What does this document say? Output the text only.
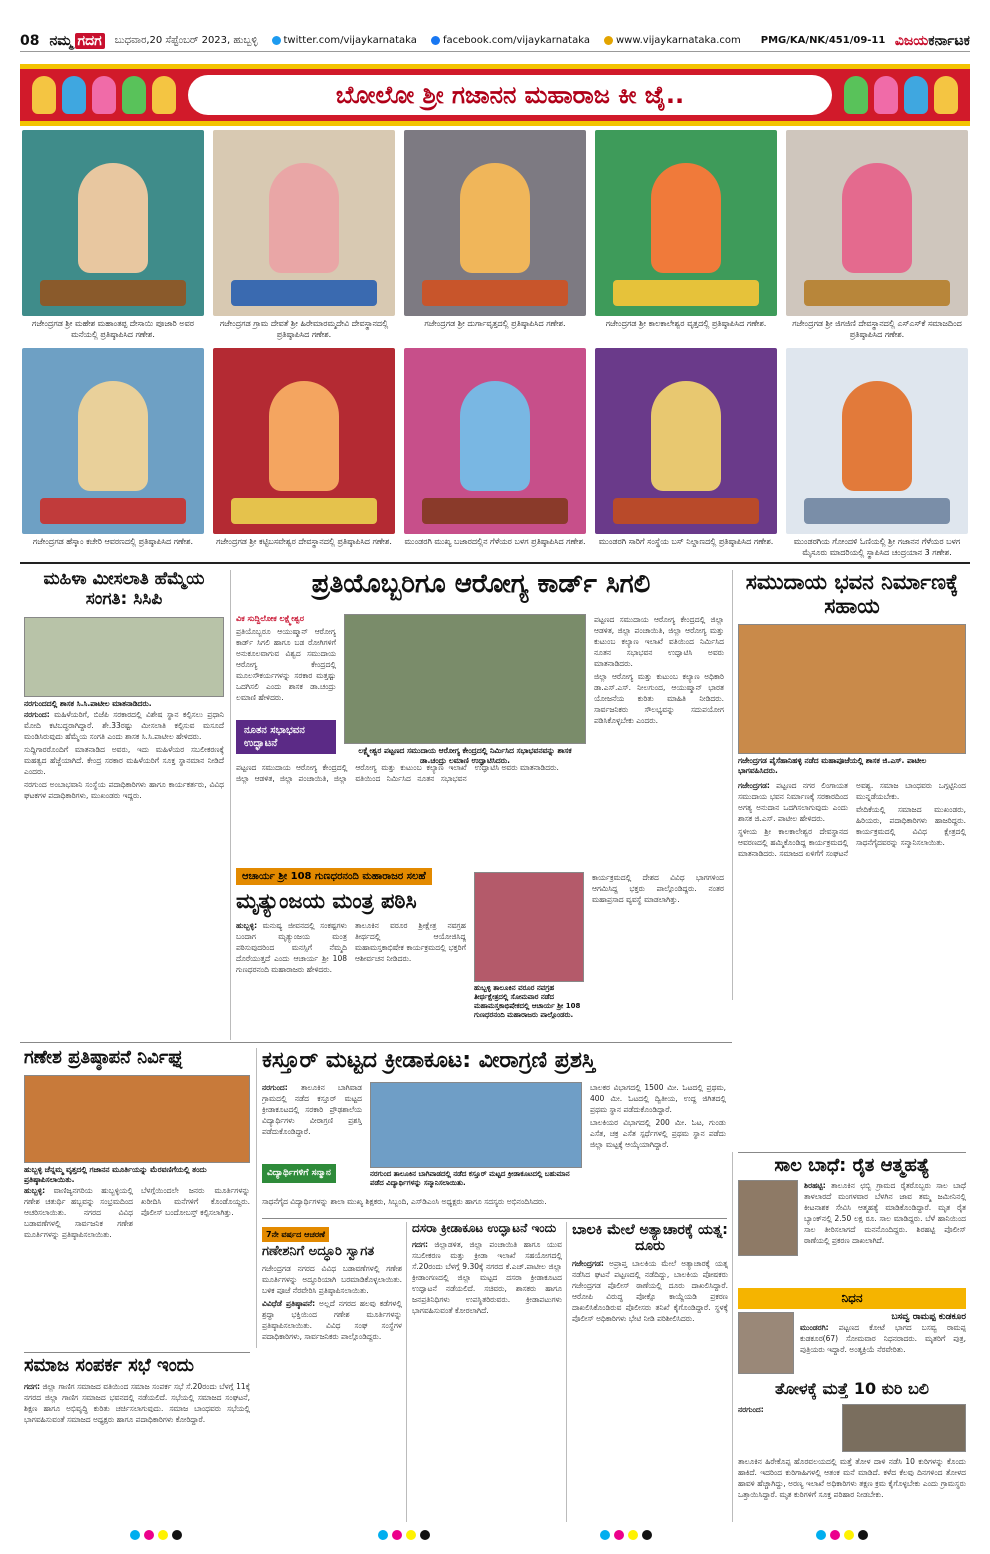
08 ನಮ್ಮ ಗದಗ	ಬುಧವಾರ,20 ಸೆಪ್ಟೆಂಬರ್ 2023, ಹುಬ್ಬಳ್ಳಿ	twitter.com/vijaykarnataka	facebook.com/vijaykarnataka	www.vijaykarnataka.com PMG/KA/NK/451/09-11 ವಿಜಯಕರ್ನಾಟಕ
ಬೋಲೋ ಶ್ರೀ ಗಜಾನನ ಮಹಾರಾಜ ಕೀ ಜೈ..
ಗಜೇಂದ್ರಗಡ ಶ್ರೀ ಮಹೇಶ ಮಹಾಂತಪ್ಪ ದೇಸಾಯಿ ಪೂಜಾರಿ ಅವರ ಮನೆಯಲ್ಲಿ ಪ್ರತಿಷ್ಠಾಪಿಸಿದ ಗಣೇಶ.
ಗಜೇಂದ್ರಗಡ ಗ್ರಾಮ ದೇವತೆ ಶ್ರೀ ಹಿರೇಮಾರಮ್ಮದೇವಿ ದೇವಸ್ಥಾನದಲ್ಲಿ ಪ್ರತಿಷ್ಠಾಪಿಸಿದ ಗಣೇಶ.
ಗಜೇಂದ್ರಗಡ ಶ್ರೀ ದುರ್ಗಾವೃತ್ತದಲ್ಲಿ ಪ್ರತಿಷ್ಠಾಪಿಸಿದ ಗಣೇಶ.	ಗಜೇಂದ್ರಗಡ ಶ್ರೀ ಕಾಲಕಾಲೇಶ್ವರ ವೃತ್ತದಲ್ಲಿ ಪ್ರತಿಷ್ಠಾಪಿಸಿದ ಗಣೇಶ.	ಗಜೇಂದ್ರಗಡ ಶ್ರೀ ಜಿಗಜಿಣಿ ದೇವಸ್ಥಾನದಲ್ಲಿ ಎಸ್‌ಎಸ್‌ಕೆ ಸಮಾಜದಿಂದ ಪ್ರತಿಷ್ಠಾಪಿಸಿದ ಗಣೇಶ.
ಗಜೇಂದ್ರಗಡ ಹೆಸ್ಕಾಂ ಕಚೇರಿ ಆವರಣದಲ್ಲಿ ಪ್ರತಿಷ್ಠಾಪಿಸಿದ ಗಣೇಶ.	ಗಜೇಂದ್ರಗಡ ಶ್ರೀ ಕಟ್ಟಿಬಸವೇಶ್ವರ ದೇವಸ್ಥಾನದಲ್ಲಿ ಪ್ರತಿಷ್ಠಾಪಿಸಿದ ಗಣೇಶ.	ಮುಂಡರಗಿ ಮುಖ್ಯ ಬಜಾರದಲ್ಲಿನ ಗೆಳೆಯರ ಬಳಗ ಪ್ರತಿಷ್ಠಾಪಿಸಿದ ಗಣೇಶ.	ಮುಂಡರಗಿ ಸಾರಿಗೆ ಸಂಸ್ಥೆಯ ಬಸ್ ನಿಲ್ದಾಣದಲ್ಲಿ ಪ್ರತಿಷ್ಠಾಪಿಸಿದ ಗಣೇಶ.	ಮುಂಡರಗಿಯ ಗೋಂದಳಿ ಓಣಿಯಲ್ಲಿ ಶ್ರೀ ಗಜಾನನ ಗೆಳೆಯರ ಬಳಗ ಮೈಸೂರು ಮಾದರಿಯಲ್ಲಿ ಸ್ಥಾಪಿಸಿದ ಚಂದ್ರಯಾನ 3 ಗಣೇಶ.
ಮಹಿಳಾ ಮೀಸಲಾತಿ ಹೆಮ್ಮೆಯ ಸಂಗತಿ: ಸಿಸಿಪಿ
ನರಗುಂದದಲ್ಲಿ ಶಾಸಕ ಸಿ.ಸಿ.ಪಾಟೀಲ ಮಾತನಾಡಿದರು.

ನರಗುಂದ: ಮಹಿಳೆಯರಿಗೆ, ಬಿಜೆಪಿ ಸರಕಾರದಲ್ಲಿ ವಿಶೇಷ ಸ್ಥಾನ ಕಲ್ಪಿಸಲು ಪ್ರಧಾನಿ ಮೋದಿ ಕಟಿಬದ್ಧರಾಗಿದ್ದಾರೆ. ಶೇ.33ರಷ್ಟು ಮೀಸಲಾತಿ ಕಲ್ಪಿಸುವ ಮಸೂದೆ ಮಂಡಿಸಿರುವುದು ಹೆಮ್ಮೆಯ ಸಂಗತಿ ಎಂದು ಶಾಸಕ ಸಿ.ಸಿ.ಪಾಟೀಲ ಹೇಳಿದರು.

ಸುದ್ದಿಗಾರರೊಂದಿಗೆ ಮಾತನಾಡಿದ ಅವರು, ಇದು ಮಹಿಳೆಯರ ಸಬಲೀಕರಣಕ್ಕೆ ಮಹತ್ವದ ಹೆಜ್ಜೆಯಾಗಿದೆ. ಕೇಂದ್ರ ಸರಕಾರ ಮಹಿಳೆಯರಿಗೆ ಸೂಕ್ತ ಸ್ಥಾನಮಾನ ನೀಡಿದೆ ಎಂದರು.

ನರಗುಂದ ಅಂಬಾಭವಾನಿ ಸಂಸ್ಥೆಯ ಪದಾಧಿಕಾರಿಗಳು ಹಾಗೂ ಕಾರ್ಯಕರ್ತರು, ವಿವಿಧ ಘಟಕಗಳ ಪದಾಧಿಕಾರಿಗಳು, ಮುಖಂಡರು ಇದ್ದರು.

ಪ್ರತಿಯೊಬ್ಬರಿಗೂ ಆರೋಗ್ಯ ಕಾರ್ಡ್ ಸಿಗಲಿ
ವಿಕ ಸುದ್ದಿಲೋಕ ಲಕ್ಷ್ಮೇಶ್ವರ
ಪ್ರತಿಯೊಬ್ಬರೂ ಆಯುಷ್ಮಾನ್ ಆರೋಗ್ಯ ಕಾರ್ಡ್ ಸಿಗಲಿ ಹಾಗೂ ಬಡ ರೋಗಿಗಳಿಗೆ ಅನುಕೂಲವಾಗುವ ವಿಶ್ವದ ಸಮುದಾಯ ಆರೋಗ್ಯ ಕೇಂದ್ರದಲ್ಲಿ ಮೂಲಸೌಕರ್ಯಗಳನ್ನು ಸರಕಾರ ಮತ್ತಷ್ಟು ಒದಗಿಸಲಿ ಎಂದು ಶಾಸಕ ಡಾ.ಚಂದ್ರು ಲಮಾಣಿ ಹೇಳಿದರು.
ನೂತನ ಸಭಾಭವನ ಉದ್ಘಾಟನೆ
ಲಕ್ಷ್ಮೇಶ್ವರ ಪಟ್ಟಣದ ಸಮುದಾಯ ಆರೋಗ್ಯ ಕೇಂದ್ರದಲ್ಲಿ ನಿರ್ಮಿಸಿದ ಸಭಾಭವನವನ್ನು ಶಾಸಕ ಡಾ.ಚಂದ್ರು ಲಮಾಣಿ ಉದ್ಘಾಟಿಸಿದರು.

ಪಟ್ಟಣದ ಸಮುದಾಯ ಆರೋಗ್ಯ ಕೇಂದ್ರದಲ್ಲಿ ಜಿಲ್ಲಾ ಆಡಳಿತ, ಜಿಲ್ಲಾ ಪಂಚಾಯಿತಿ, ಜಿಲ್ಲಾ ಆರೋಗ್ಯ ಮತ್ತು ಕುಟುಂಬ ಕಲ್ಯಾಣ ಇಲಾಖೆ ವತಿಯಿಂದ ನಿರ್ಮಿಸಿದ ನೂತನ ಸಭಾಭವನ ಉದ್ಘಾಟಿಸಿ ಅವರು ಮಾತನಾಡಿದರು.

ಜಿಲ್ಲಾ ಆರೋಗ್ಯ ಮತ್ತು ಕುಟುಂಬ ಕಲ್ಯಾಣ ಅಧಿಕಾರಿ ಡಾ.ಎಸ್.ಎಸ್. ನೀಲಗುಂದ, ಆಯುಷ್ಮಾನ್ ಭಾರತ ಯೋಜನೆಯ ಕುರಿತು ಮಾಹಿತಿ ನೀಡಿದರು. ಸಾರ್ವಜನಿಕರು ಸೌಲಭ್ಯವನ್ನು ಸದುಪಯೋಗ ಪಡಿಸಿಕೊಳ್ಳಬೇಕು ಎಂದರು.

ಪಟ್ಟಣದ ಸಮುದಾಯ ಆರೋಗ್ಯ ಕೇಂದ್ರದಲ್ಲಿ ಜಿಲ್ಲಾ ಆಡಳಿತ, ಜಿಲ್ಲಾ ಪಂಚಾಯಿತಿ, ಜಿಲ್ಲಾ ಆರೋಗ್ಯ ಮತ್ತು ಕುಟುಂಬ ಕಲ್ಯಾಣ ಇಲಾಖೆ ವತಿಯಿಂದ ನಿರ್ಮಿಸಿದ ನೂತನ ಸಭಾಭವನ ಉದ್ಘಾಟಿಸಿ ಅವರು ಮಾತನಾಡಿದರು.

ಸಮುದಾಯ ಭವನ ನಿರ್ಮಾಣಕ್ಕೆ ಸಹಾಯ
ಗಜೇಂದ್ರಗಡ ಪೈಸೆಹಾನಿಹಳ್ಳಿ ನಡೆದ ಮಹಾಪೂಜೆಯಲ್ಲಿ ಶಾಸಕ ಜಿ.ಎಸ್. ಪಾಟೀಲ ಭಾಗವಹಿಸಿದರು.

ಗಜೇಂದ್ರಗಡ: ಪಟ್ಟಣದ ನಗರ ಲಿಂಗಾಯತ ಸಮುದಾಯ ಭವನ ನಿರ್ಮಾಣಕ್ಕೆ ಸರಕಾರದಿಂದ ಅಗತ್ಯ ಅನುದಾನ ಒದಗಿಸಲಾಗುವುದು ಎಂದು ಶಾಸಕ ಜಿ.ಎಸ್. ಪಾಟೀಲ ಹೇಳಿದರು.

ಸ್ಥಳೀಯ ಶ್ರೀ ಕಾಲಕಾಲೇಶ್ವರ ದೇವಸ್ಥಾನದ ಆವರಣದಲ್ಲಿ ಹಮ್ಮಿಕೊಂಡಿದ್ದ ಕಾರ್ಯಕ್ರಮದಲ್ಲಿ ಮಾತನಾಡಿದರು. ಸಮಾಜದ ಏಳಿಗೆಗೆ ಸಂಘಟನೆ ಅವಶ್ಯ. ಸಮಾಜ ಬಾಂಧವರು ಒಗ್ಗಟ್ಟಿನಿಂದ ಮುನ್ನಡೆಯಬೇಕು.

ವೇದಿಕೆಯಲ್ಲಿ ಸಮಾಜದ ಮುಖಂಡರು, ಹಿರಿಯರು, ಪದಾಧಿಕಾರಿಗಳು ಹಾಜರಿದ್ದರು. ಕಾರ್ಯಕ್ರಮದಲ್ಲಿ ವಿವಿಧ ಕ್ಷೇತ್ರದಲ್ಲಿ ಸಾಧನೆಗೈದವರನ್ನು ಸನ್ಮಾನಿಸಲಾಯಿತು.

ಆಚಾರ್ಯ ಶ್ರೀ 108 ಗುಣಧರನಂದಿ ಮಹಾರಾಜರ ಸಲಹೆ
ಮೃತ್ಯುಂಜಯ ಮಂತ್ರ ಪಠಿಸಿ

ಹುಬ್ಬಳ್ಳಿ: ಮನುಷ್ಯ ಜೀವನದಲ್ಲಿ ಸಂಕಷ್ಟಗಳು ಬಂದಾಗ ಮೃತ್ಯುಂಜಯ ಮಂತ್ರ ಪಠಿಸುವುದರಿಂದ ಮನಸ್ಸಿಗೆ ನೆಮ್ಮದಿ ದೊರೆಯುತ್ತದೆ ಎಂದು ಆಚಾರ್ಯ ಶ್ರೀ 108 ಗುಣಧರನಂದಿ ಮಹಾರಾಜರು ಹೇಳಿದರು.

ತಾಲೂಕಿನ ವರೂರ ಶ್ರೀಕ್ಷೇತ್ರ ನವಗ್ರಹ ತೀರ್ಥದಲ್ಲಿ ಆಯೋಜಿಸಿದ್ದ ಮಹಾಮಸ್ತಕಾಭಿಷೇಕ ಕಾರ್ಯಕ್ರಮದಲ್ಲಿ ಭಕ್ತರಿಗೆ ಆಶೀರ್ವಚನ ನೀಡಿದರು.

ಹುಬ್ಬಳ್ಳಿ ತಾಲೂಕಿನ ವರೂರ ನವಗ್ರಹ ತೀರ್ಥಕ್ಷೇತ್ರದಲ್ಲಿ ಸೋಮವಾರ ನಡೆದ ಮಹಾಮಸ್ತಕಾಭಿಷೇಕದಲ್ಲಿ ಆಚಾರ್ಯ ಶ್ರೀ 108 ಗುಣಧರನಂದಿ ಮಹಾರಾಜರು ಪಾಲ್ಗೊಂಡರು.
ಕಾರ್ಯಕ್ರಮದಲ್ಲಿ ದೇಶದ ವಿವಿಧ ಭಾಗಗಳಿಂದ ಆಗಮಿಸಿದ್ದ ಭಕ್ತರು ಪಾಲ್ಗೊಂಡಿದ್ದರು. ನಂತರ ಮಹಾಪ್ರಸಾದ ವ್ಯವಸ್ಥೆ ಮಾಡಲಾಗಿತ್ತು.
ಗಣೇಶ ಪ್ರತಿಷ್ಠಾಪನೆ ನಿರ್ವಿಘ್ನ
ಹುಬ್ಬಳ್ಳಿ ಚೆನ್ನಮ್ಮ ವೃತ್ತದಲ್ಲಿ ಗಜಾನನ ಮೂರ್ತಿಯನ್ನು ಮೆರವಣಿಗೆಯಲ್ಲಿ ತಂದು ಪ್ರತಿಷ್ಠಾಪಿಸಲಾಯಿತು.

ಹುಬ್ಬಳ್ಳಿ: ವಾಣಿಜ್ಯನಗರಿಯ ಹುಬ್ಬಳ್ಳಿಯಲ್ಲಿ ಗಣೇಶ ಚತುರ್ಥಿ ಹಬ್ಬವನ್ನು ಸಂಭ್ರಮದಿಂದ ಆಚರಿಸಲಾಯಿತು. ನಗರದ ವಿವಿಧ ಬಡಾವಣೆಗಳಲ್ಲಿ ಸಾರ್ವಜನಿಕ ಗಣೇಶ ಮೂರ್ತಿಗಳನ್ನು ಪ್ರತಿಷ್ಠಾಪಿಸಲಾಯಿತು.

ಬೆಳಗ್ಗೆಯಿಂದಲೇ ಜನರು ಮೂರ್ತಿಗಳನ್ನು ಖರೀದಿಸಿ ಮನೆಗಳಿಗೆ ಕೊಂಡೊಯ್ದರು. ಪೊಲೀಸ್ ಬಂದೋಬಸ್ತ್ ಕಲ್ಪಿಸಲಾಗಿತ್ತು.

ಕಸ್ತೂರ್ ಮಟ್ಟದ ಕ್ರೀಡಾಕೂಟ: ವೀರಾಗ್ರಣಿ ಪ್ರಶಸ್ತಿ
ನರಗುಂದ: ತಾಲೂಕಿನ ಬಾಗಿವಾಡ ಗ್ರಾಮದಲ್ಲಿ ನಡೆದ ಕಸ್ತೂರ್ ಮಟ್ಟದ ಕ್ರೀಡಾಕೂಟದಲ್ಲಿ ಸರಕಾರಿ ಪ್ರೌಢಶಾಲೆಯ ವಿದ್ಯಾರ್ಥಿಗಳು ವೀರಾಗ್ರಣಿ ಪ್ರಶಸ್ತಿ ಪಡೆದುಕೊಂಡಿದ್ದಾರೆ.
ವಿದ್ಯಾರ್ಥಿಗಳಿಗೆ ಸನ್ಮಾನ	ನರಗುಂದ ತಾಲೂಕಿನ ಬಾಗಿವಾಡದಲ್ಲಿ ನಡೆದ ಕಸ್ತೂರ್ ಮಟ್ಟದ ಕ್ರೀಡಾಕೂಟದಲ್ಲಿ ಬಹುಮಾನ ಪಡೆದ ವಿದ್ಯಾರ್ಥಿಗಳನ್ನು ಸನ್ಮಾನಿಸಲಾಯಿತು.

ಬಾಲಕರ ವಿಭಾಗದಲ್ಲಿ 1500 ಮೀ. ಓಟದಲ್ಲಿ ಪ್ರಥಮ, 400 ಮೀ. ಓಟದಲ್ಲಿ ದ್ವಿತೀಯ, ಉದ್ದ ಜಿಗಿತದಲ್ಲಿ ಪ್ರಥಮ ಸ್ಥಾನ ಪಡೆದುಕೊಂಡಿದ್ದಾರೆ.

ಬಾಲಕಿಯರ ವಿಭಾಗದಲ್ಲಿ 200 ಮೀ. ಓಟ, ಗುಂಡು ಎಸೆತ, ಚಕ್ರ ಎಸೆತ ಸ್ಪರ್ಧೆಗಳಲ್ಲಿ ಪ್ರಥಮ ಸ್ಥಾನ ಪಡೆದು ಜಿಲ್ಲಾ ಮಟ್ಟಕ್ಕೆ ಆಯ್ಕೆಯಾಗಿದ್ದಾರೆ.

ಸಾಧನೆಗೈದ ವಿದ್ಯಾರ್ಥಿಗಳನ್ನು ಶಾಲಾ ಮುಖ್ಯ ಶಿಕ್ಷಕರು, ಸಿಬ್ಬಂದಿ, ಎಸ್‌ಡಿಎಂಸಿ ಅಧ್ಯಕ್ಷರು ಹಾಗೂ ಸದಸ್ಯರು ಅಭಿನಂದಿಸಿದರು.

ಸಾಲ ಬಾಧೆ: ರೈತ ಆತ್ಮಹತ್ಯೆ
ಶಿರಹಟ್ಟಿ: ತಾಲೂಕಿನ ಛಬ್ಬಿ ಗ್ರಾಮದ ರೈತರೊಬ್ಬರು ಸಾಲ ಬಾಧೆ ತಾಳಲಾರದೆ ಮಂಗಳವಾರ ಬೆಳಗಿನ ಜಾವ ತಮ್ಮ ಜಮೀನಿನಲ್ಲಿ ಕೀಟನಾಶಕ ಸೇವಿಸಿ ಆತ್ಮಹತ್ಯೆ ಮಾಡಿಕೊಂಡಿದ್ದಾರೆ. ಮೃತ ರೈತ ಬ್ಯಾಂಕ್‌ನಲ್ಲಿ 2.50 ಲಕ್ಷ ರೂ. ಸಾಲ ಮಾಡಿದ್ದರು. ಬೆಳೆ ಹಾನಿಯಿಂದ ಸಾಲ ತೀರಿಸಲಾಗದೆ ಮನನೊಂದಿದ್ದರು. ಶಿರಹಟ್ಟಿ ಪೊಲೀಸ್ ಠಾಣೆಯಲ್ಲಿ ಪ್ರಕರಣ ದಾಖಲಾಗಿದೆ.
ಸಮಾಜ ಸಂಪರ್ಕ ಸಭೆ ಇಂದು
ಗದಗ: ಜಿಲ್ಲಾ ಗಾಣಿಗ ಸಮಾಜದ ವತಿಯಿಂದ ಸಮಾಜ ಸಂಪರ್ಕ ಸಭೆ ಸೆ.20ರಂದು ಬೆಳಗ್ಗೆ 11ಕ್ಕೆ ನಗರದ ಜಿಲ್ಲಾ ಗಾಣಿಗ ಸಮಾಜದ ಭವನದಲ್ಲಿ ನಡೆಯಲಿದೆ. ಸಭೆಯಲ್ಲಿ ಸಮಾಜದ ಸಂಘಟನೆ, ಶಿಕ್ಷಣ ಹಾಗೂ ಅಭಿವೃದ್ಧಿ ಕುರಿತು ಚರ್ಚಿಸಲಾಗುವುದು. ಸಮಾಜ ಬಾಂಧವರು ಸಭೆಯಲ್ಲಿ ಭಾಗವಹಿಸುವಂತೆ ಸಮಾಜದ ಅಧ್ಯಕ್ಷರು ಹಾಗೂ ಪದಾಧಿಕಾರಿಗಳು ಕೋರಿದ್ದಾರೆ.
7ನೇ ವರ್ಷದ ಆಚರಣೆ
ಗಣೇಶನಿಗೆ ಅದ್ಧೂರಿ ಸ್ವಾಗತ

ಗಜೇಂದ್ರಗಡ ನಗರದ ವಿವಿಧ ಬಡಾವಣೆಗಳಲ್ಲಿ ಗಣೇಶ ಮೂರ್ತಿಗಳನ್ನು ಅದ್ಧೂರಿಯಾಗಿ ಬರಮಾಡಿಕೊಳ್ಳಲಾಯಿತು. ಬಳಿಕ ಪೂಜೆ ನೆರವೇರಿಸಿ ಪ್ರತಿಷ್ಠಾಪಿಸಲಾಯಿತು.

ವಿವಿಧೆಡೆ ಪ್ರತಿಷ್ಠಾಪನೆ: ಅಲ್ಲದೆ ನಗರದ ಹಲವು ಕಡೆಗಳಲ್ಲಿ ಶ್ರದ್ಧಾ ಭಕ್ತಿಯಿಂದ ಗಣೇಶ ಮೂರ್ತಿಗಳನ್ನು ಪ್ರತಿಷ್ಠಾಪಿಸಲಾಯಿತು. ವಿವಿಧ ಸಂಘ ಸಂಸ್ಥೆಗಳ ಪದಾಧಿಕಾರಿಗಳು, ಸಾರ್ವಜನಿಕರು ಪಾಲ್ಗೊಂಡಿದ್ದರು.

ದಸರಾ ಕ್ರೀಡಾಕೂಟ ಉದ್ಘಾಟನೆ ಇಂದು
ಗದಗ: ಜಿಲ್ಲಾಡಳಿತ, ಜಿಲ್ಲಾ ಪಂಚಾಯಿತಿ ಹಾಗೂ ಯುವ ಸಬಲೀಕರಣ ಮತ್ತು ಕ್ರೀಡಾ ಇಲಾಖೆ ಸಹಯೋಗದಲ್ಲಿ ಸೆ.20ರಂದು ಬೆಳಗ್ಗೆ 9.30ಕ್ಕೆ ನಗರದ ಕೆ.ಎಚ್.ಪಾಟೀಲ ಜಿಲ್ಲಾ ಕ್ರೀಡಾಂಗಣದಲ್ಲಿ ಜಿಲ್ಲಾ ಮಟ್ಟದ ದಸರಾ ಕ್ರೀಡಾಕೂಟದ ಉದ್ಘಾಟನೆ ನಡೆಯಲಿದೆ. ಸಚಿವರು, ಶಾಸಕರು ಹಾಗೂ ಜನಪ್ರತಿನಿಧಿಗಳು ಉಪಸ್ಥಿತರಿರುವರು. ಕ್ರೀಡಾಪಟುಗಳು ಭಾಗವಹಿಸುವಂತೆ ಕೋರಲಾಗಿದೆ.
ಬಾಲಕಿ ಮೇಲೆ ಅತ್ಯಾಚಾರಕ್ಕೆ ಯತ್ನ: ದೂರು
ಗಜೇಂದ್ರಗಡ: ಅಪ್ರಾಪ್ತ ಬಾಲಕಿಯ ಮೇಲೆ ಅತ್ಯಾಚಾರಕ್ಕೆ ಯತ್ನ ನಡೆಸಿದ ಘಟನೆ ಪಟ್ಟಣದಲ್ಲಿ ನಡೆದಿದ್ದು, ಬಾಲಕಿಯ ಪೋಷಕರು ಗಜೇಂದ್ರಗಡ ಪೊಲೀಸ್ ಠಾಣೆಯಲ್ಲಿ ದೂರು ದಾಖಲಿಸಿದ್ದಾರೆ. ಆರೋಪಿ ವಿರುದ್ಧ ಪೋಕ್ಸೊ ಕಾಯ್ದೆಯಡಿ ಪ್ರಕರಣ ದಾಖಲಿಸಿಕೊಂಡಿರುವ ಪೊಲೀಸರು ತನಿಖೆ ಕೈಗೊಂಡಿದ್ದಾರೆ. ಸ್ಥಳಕ್ಕೆ ಪೊಲೀಸ್ ಅಧಿಕಾರಿಗಳು ಭೇಟಿ ನೀಡಿ ಪರಿಶೀಲಿಸಿದರು.
ನಿಧನ
ಬಸವ್ವ ರಾಮಪ್ಪ ಕುಡಕೂರ
ಮುಂಡರಗಿ: ಪಟ್ಟಣದ ಕೋಟೆ ಭಾಗದ ಬಸವ್ವ ರಾಮಪ್ಪ ಕುಡಕೂರ(67) ಸೋಮವಾರ ನಿಧನರಾದರು. ಮೃತರಿಗೆ ಪುತ್ರ, ಪುತ್ರಿಯರು ಇದ್ದಾರೆ. ಅಂತ್ಯಕ್ರಿಯೆ ನೆರವೇರಿತು.
ತೋಳಕ್ಕೆ ಮತ್ತೆ 10 ಕುರಿ ಬಲಿ
ನರಗುಂದ:
ತಾಲೂಕಿನ ಹಿರೇಕೊಪ್ಪ ಹೊರವಲಯದಲ್ಲಿ ಮತ್ತೆ ತೋಳ ದಾಳಿ ನಡೆಸಿ 10 ಕುರಿಗಳನ್ನು ಕೊಂದು ಹಾಕಿದೆ. ಇದರಿಂದ ಕುರಿಗಾಹಿಗಳಲ್ಲಿ ಆತಂಕ ಮನೆ ಮಾಡಿದೆ. ಕಳೆದ ಕೆಲವು ದಿನಗಳಿಂದ ತೋಳದ ಹಾವಳಿ ಹೆಚ್ಚಾಗಿದ್ದು, ಅರಣ್ಯ ಇಲಾಖೆ ಅಧಿಕಾರಿಗಳು ತಕ್ಷಣ ಕ್ರಮ ಕೈಗೊಳ್ಳಬೇಕು ಎಂದು ಗ್ರಾಮಸ್ಥರು ಒತ್ತಾಯಿಸಿದ್ದಾರೆ. ಮೃತ ಕುರಿಗಳಿಗೆ ಸೂಕ್ತ ಪರಿಹಾರ ನೀಡಬೇಕು.
